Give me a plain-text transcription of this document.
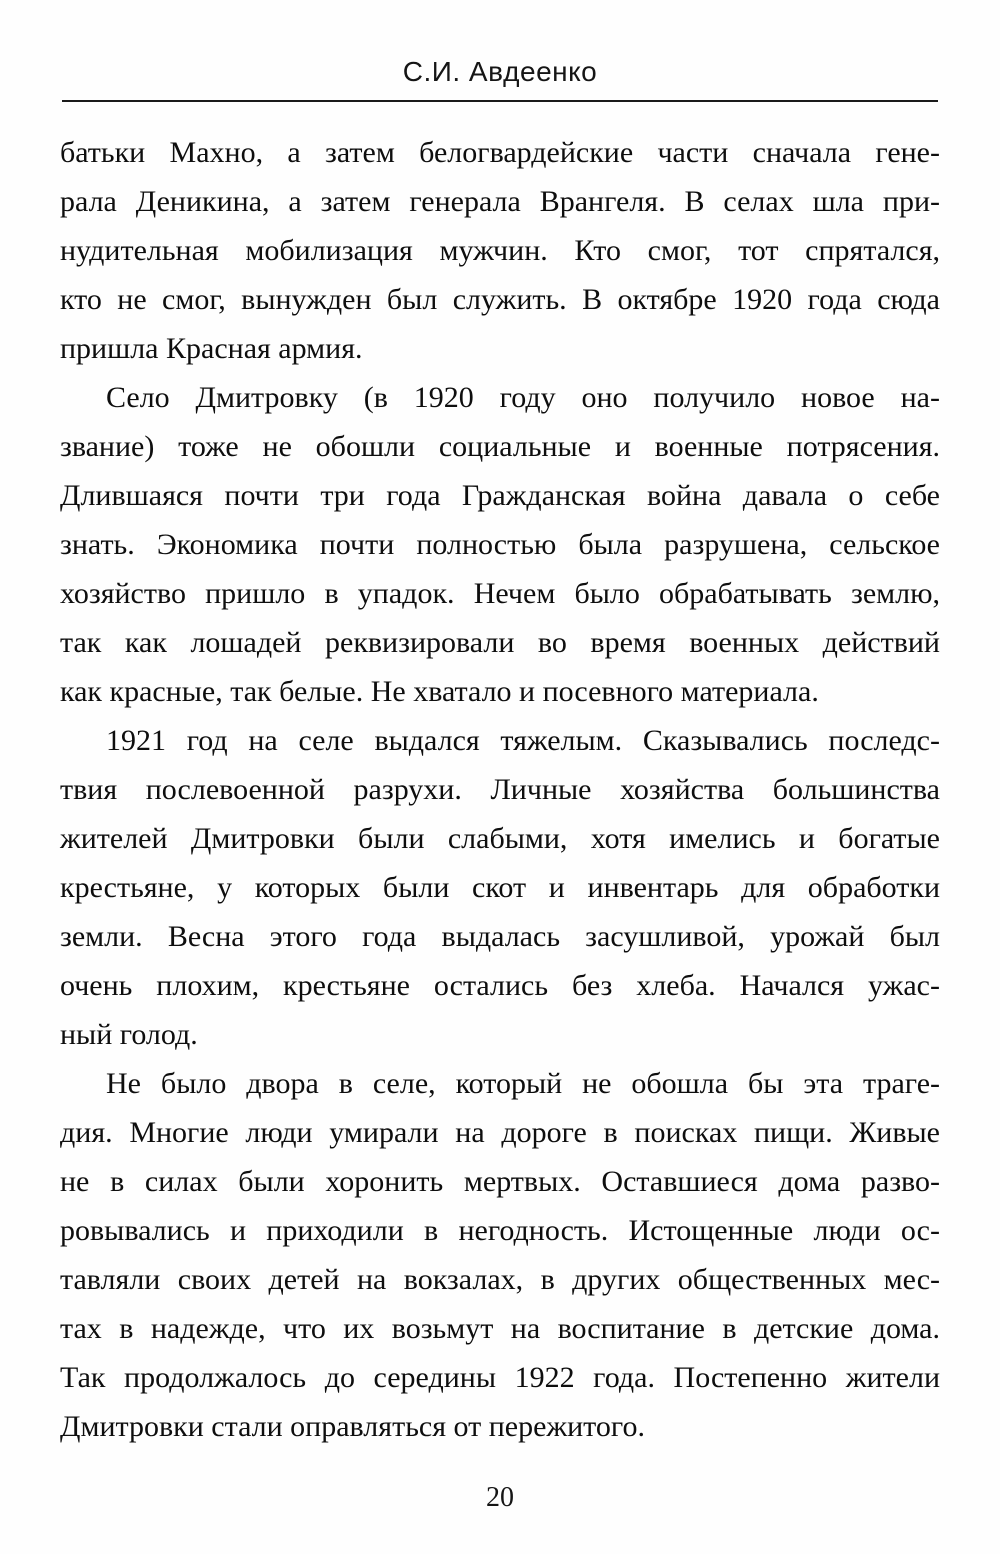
С.И. Авдеенко
батьки Махно, а затем белогвардейские части сначала гене-
рала Деникина, а затем генерала Врангеля. В селах шла при-
нудительная мобилизация мужчин. Кто смог, тот спрятался,
кто не смог, вынужден был служить. В октябре 1920 года сюда
пришла Красная армия.
Село Дмитровку (в 1920 году оно получило новое на-
звание) тоже не обошли социальные и военные потрясения.
Длившаяся почти три года Гражданская война давала о себе
знать. Экономика почти полностью была разрушена, сельское
хозяйство пришло в упадок. Нечем было обрабатывать землю,
так как лошадей реквизировали во время военных действий
как красные, так белые. Не хватало и посевного материала.
1921 год на селе выдался тяжелым. Сказывались последс-
твия послевоенной разрухи. Личные хозяйства большинства
жителей Дмитровки были слабыми, хотя имелись и богатые
крестьяне, у которых были скот и инвентарь для обработки
земли. Весна этого года выдалась засушливой, урожай был
очень плохим, крестьяне остались без хлеба. Начался ужас-
ный голод.
Не было двора в селе, который не обошла бы эта траге-
дия. Многие люди умирали на дороге в поисках пищи. Живые
не в силах были хоронить мертвых. Оставшиеся дома разво-
ровывались и приходили в негодность. Истощенные люди ос-
тавляли своих детей на вокзалах, в других общественных мес-
тах в надежде, что их возьмут на воспитание в детские дома.
Так продолжалось до середины 1922 года. Постепенно жители
Дмитровки стали оправляться от пережитого.
20
